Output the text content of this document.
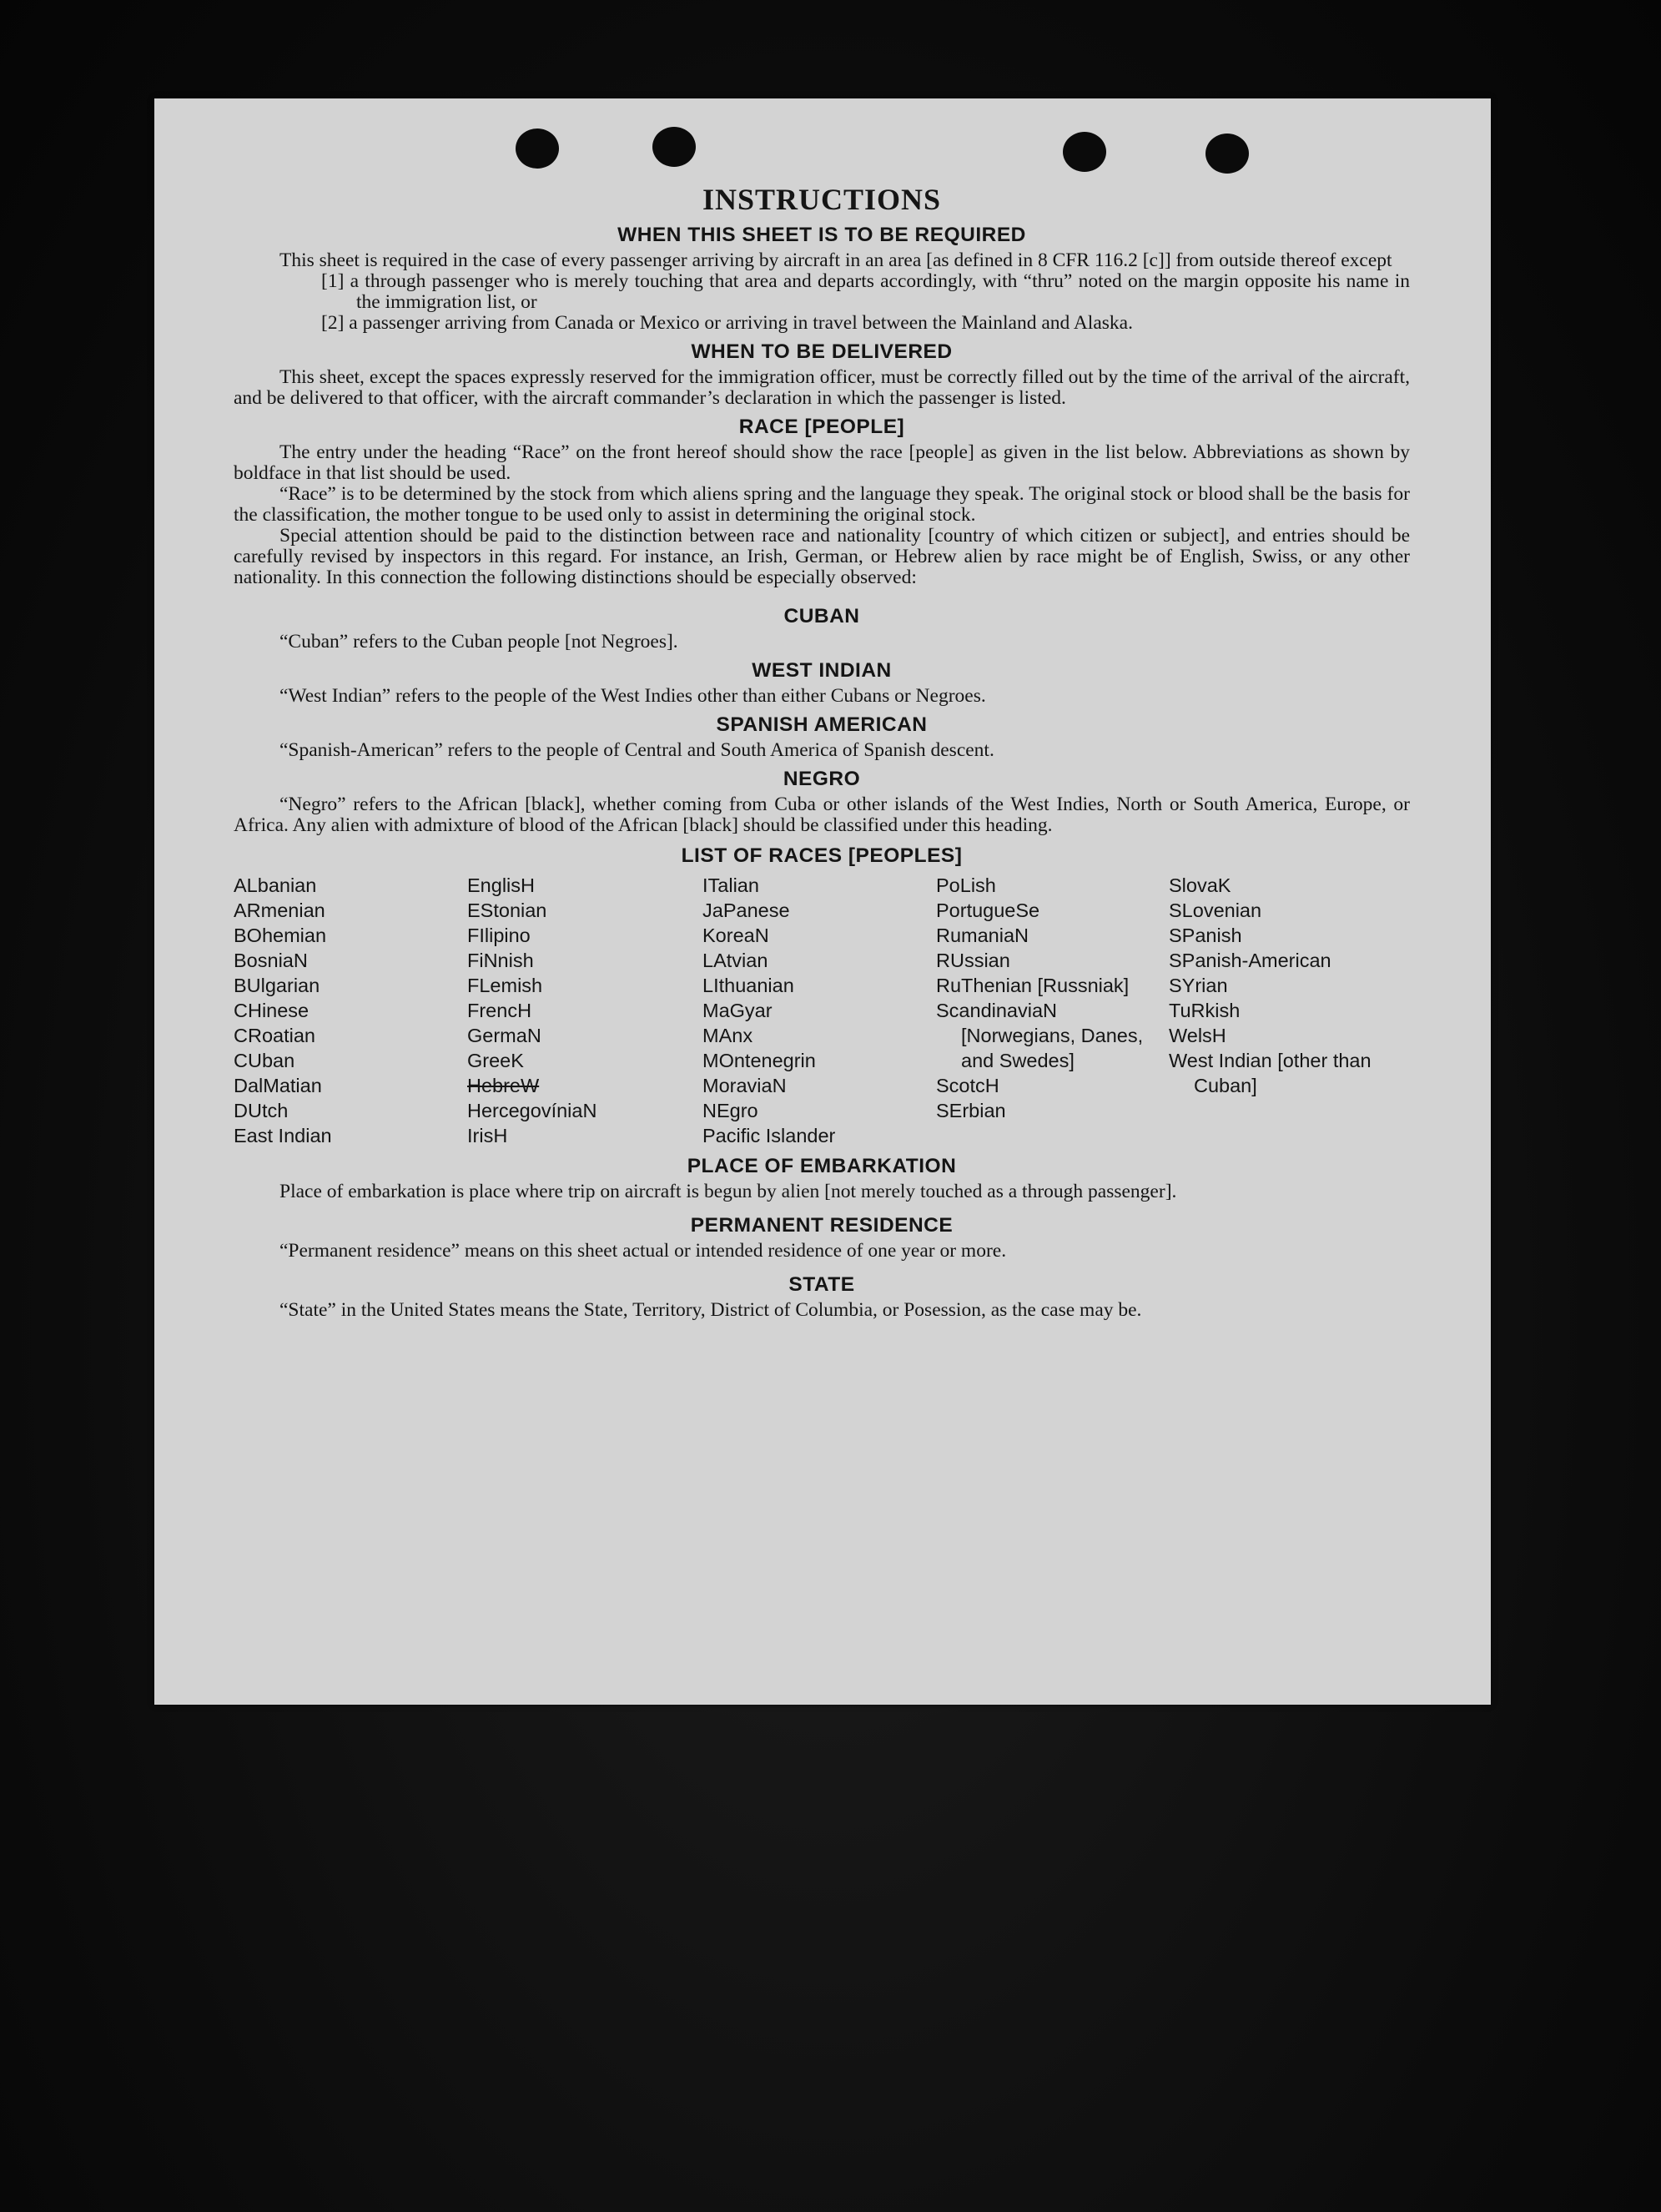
INSTRUCTIONS
WHEN THIS SHEET IS TO BE REQUIRED

This sheet is required in the case of every passenger arriving by aircraft in an area [as defined in 8 CFR 116.2 [c]] from outside thereof except

[1] a through passenger who is merely touching that area and departs accordingly, with “thru” noted on the margin opposite his name in the immigration list, or

[2] a passenger arriving from Canada or Mexico or arriving in travel between the Mainland and Alaska.

WHEN TO BE DELIVERED

This sheet, except the spaces expressly reserved for the immigration officer, must be correctly filled out by the time of the arrival of the aircraft, and be delivered to that officer, with the aircraft commander’s declaration in which the passenger is listed.

RACE [PEOPLE]

The entry under the heading “Race” on the front hereof should show the race [people] as given in the list below. Abbreviations as shown by boldface in that list should be used.

“Race” is to be determined by the stock from which aliens spring and the language they speak. The original stock or blood shall be the basis for the classification, the mother tongue to be used only to assist in determining the original stock.

Special attention should be paid to the distinction between race and nationality [country of which citizen or subject], and entries should be carefully revised by inspectors in this regard. For instance, an Irish, German, or Hebrew alien by race might be of English, Swiss, or any other nationality. In this connection the following distinctions should be especially observed:

CUBAN

“Cuban” refers to the Cuban people [not Negroes].

WEST INDIAN

“West Indian” refers to the people of the West Indies other than either Cubans or Negroes.

SPANISH AMERICAN

“Spanish-American” refers to the people of Central and South America of Spanish descent.

NEGRO

“Negro” refers to the African [black], whether coming from Cuba or other islands of the West Indies, North or South America, Europe, or Africa. Any alien with admixture of blood of the African [black] should be classified under this heading.

LIST OF RACES [PEOPLES]
ALbanian
ARmenian
BOhemian
BosniaN
BUlgarian
CHinese
CRoatian
CUban
DalMatian
DUtch
East Indian
EnglisH
EStonian
FIlipino
FiNnish
FLemish
FrencH
GermaN
GreeK
HebreW
HercegovíniaN
IrisH
ITalian
JaPanese
KoreaN
LAtvian
LIthuanian
MaGyar
MAnx
MOntenegrin
MoraviaN
NEgro
Pacific Islander
PoLish
PortugueSe
RumaniaN
RUssian
RuThenian [Russniak]
ScandinaviaN [Norwegians, Danes, and Swedes]
ScotcH
SErbian
SlovaK
SLovenian
SPanish
SPanish-American
SYrian
TuRkish
WelsH
West Indian [other than Cuban]
PLACE OF EMBARKATION

Place of embarkation is place where trip on aircraft is begun by alien [not merely touched as a through passenger].

PERMANENT RESIDENCE

“Permanent residence” means on this sheet actual or intended residence of one year or more.

STATE

“State” in the United States means the State, Territory, District of Columbia, or Posession, as the case may be.
